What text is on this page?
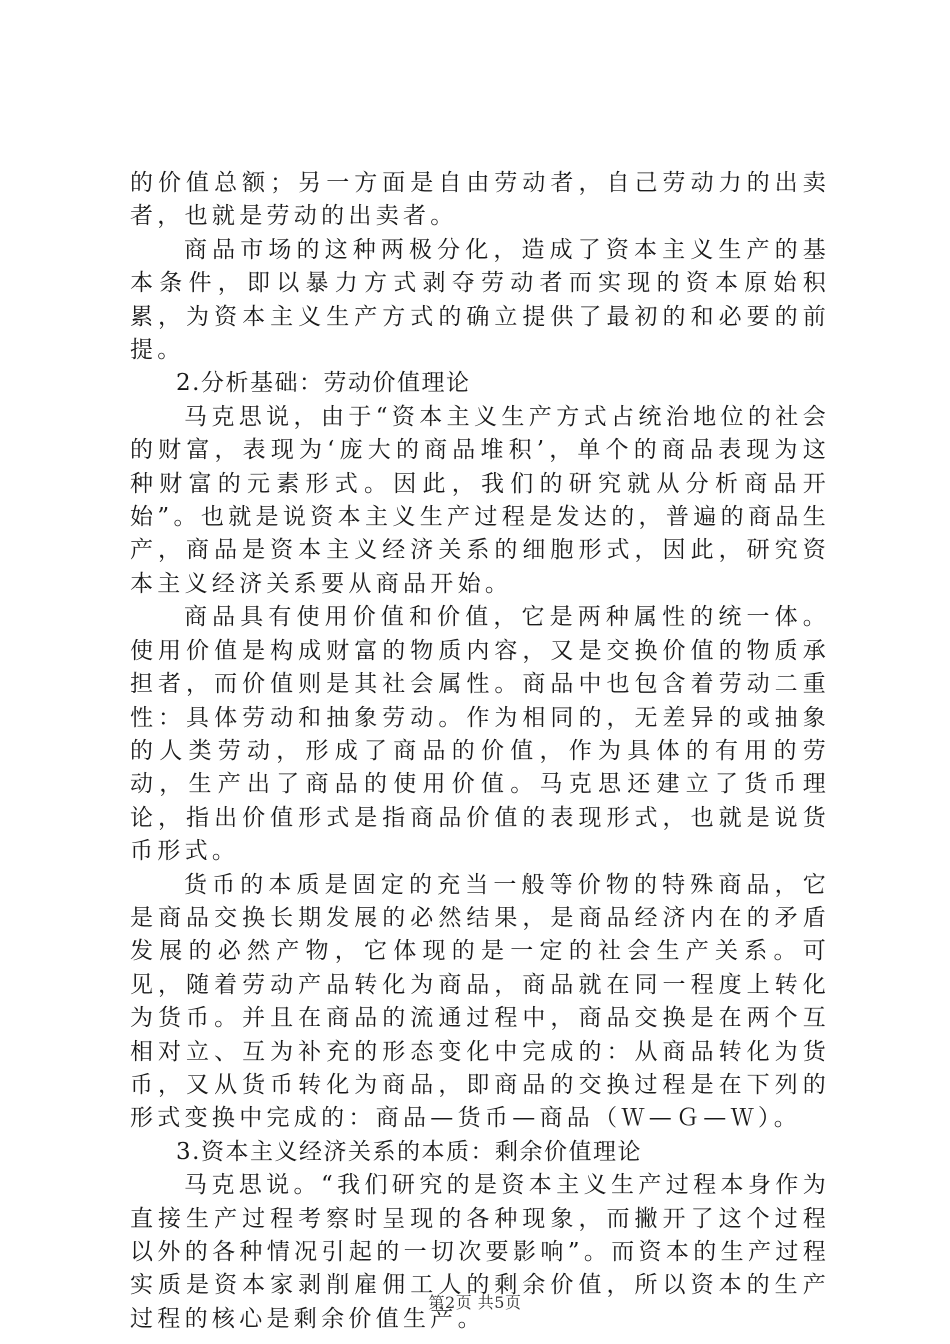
的价值总额；另一方面是自由劳动者，自己劳动力的出卖者，也就是劳动的出卖者。

商品市场的这种两极分化，造成了资本主义生产的基本条件，即以暴力方式剥夺劳动者而实现的资本原始积累，为资本主义生产方式的确立提供了最初的和必要的前提。

2.分析基础：劳动价值理论

马克思说，由于“资本主义生产方式占统治地位的社会的财富，表现为‘庞大的商品堆积’，单个的商品表现为这种财富的元素形式。因此，我们的研究就从分析商品开始”。也就是说资本主义生产过程是发达的，普遍的商品生产，商品是资本主义经济关系的细胞形式，因此，研究资本主义经济关系要从商品开始。

商品具有使用价值和价值，它是两种属性的统一体。使用价值是构成财富的物质内容，又是交换价值的物质承担者，而价值则是其社会属性。商品中也包含着劳动二重性：具体劳动和抽象劳动。作为相同的，无差异的或抽象的人类劳动，形成了商品的价值，作为具体的有用的劳动，生产出了商品的使用价值。马克思还建立了货币理论，指出价值形式是指商品价值的表现形式，也就是说货币形式。

货币的本质是固定的充当一般等价物的特殊商品，它是商品交换长期发展的必然结果，是商品经济内在的矛盾发展的必然产物，它体现的是一定的社会生产关系。可见，随着劳动产品转化为商品，商品就在同一程度上转化为货币。并且在商品的流通过程中，商品交换是在两个互相对立、互为补充的形态变化中完成的：从商品转化为货币，又从货币转化为商品，即商品的交换过程是在下列的形式变换中完成的：商品—货币—商品（Ｗ—Ｇ—Ｗ）。

3.资本主义经济关系的本质：剩余价值理论

马克思说。“我们研究的是资本主义生产过程本身作为直接生产过程考察时呈现的各种现象，而撇开了这个过程以外的各种情况引起的一切次要影响”。而资本的生产过程实质是资本家剥削雇佣工人的剩余价值，所以资本的生产过程的核心是剩余价值生产。

第2页 共5页
